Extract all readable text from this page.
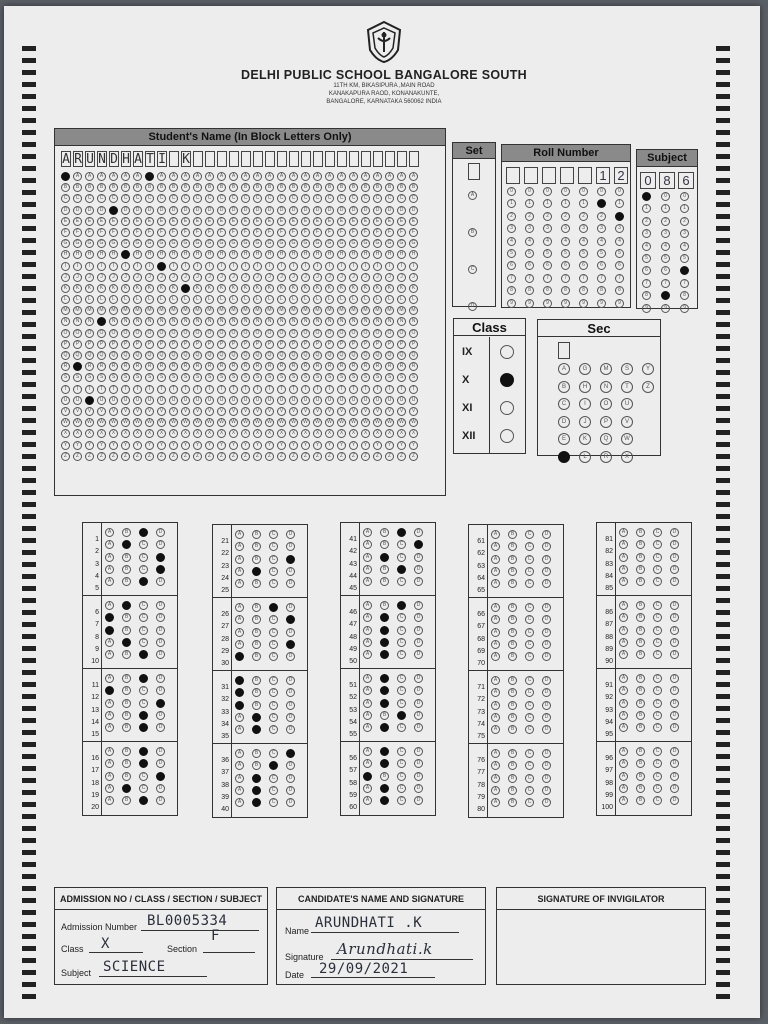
DELHI PUBLIC SCHOOL BANGALORE SOUTH
11TH KM, BIKASIPURA ,MAIN ROAD
KANAKAPURA RAOD, KONANAKUNTE,
BANGALORE, KARNATAKA 560062 INDIA
Student's Name (In Block Letters Only)
A R U N D H A T I K
A A A A A A A A A A A A A A A A A A A A A A A A A A A A A A
B B B B B B B B B B B B B B B B B B B B B B B B B B B B B B
C C C C C C C C C C C C C C C C C C C C C C C C C C C C C C
D D D D D D D D D D D D D D D D D D D D D D D D D D D D D D
E E E E E E E E E E E E E E E E E E E E E E E E E E E E E E
F F F F F F F F F F F F F F F F F F F F F F F F F F F F F F
G G G G G G G G G G G G G G G G G G G G G G G G G G G G G G
H H H H H H H H H H H H H H H H H H H H H H H H H H H H H H
I I I I I I I I I I I I I I I I I I I I I I I I I I I I I I
J J J J J J J J J J J J J J J J J J J J J J J J J J J J J J
K K K K K K K K K K K K K K K K K K K K K K K K K K K K K K
L L L L L L L L L L L L L L L L L L L L L L L L L L L L L L
M M M M M M M M M M M M M M M M M M M M M M M M M M M M M M
N N N N N N N N N N N N N N N N N N N N N N N N N N N N N N
O O O O O O O O O O O O O O O O O O O O O O O O O O O O O O
P P P P P P P P P P P P P P P P P P P P P P P P P P P P P P
Q Q Q Q Q Q Q Q Q Q Q Q Q Q Q Q Q Q Q Q Q Q Q Q Q Q Q Q Q Q
R R R R R R R R R R R R R R R R R R R R R R R R R R R R R R
S S S S S S S S S S S S S S S S S S S S S S S S S S S S S S
T T T T T T T T T T T T T T T T T T T T T T T T T T T T T T
U U U U U U U U U U U U U U U U U U U U U U U U U U U U U U
V V V V V V V V V V V V V V V V V V V V V V V V V V V V V V
W W W W W W W W W W W W W W W W W W W W W W W W W W W W W W
X X X X X X X X X X X X X X X X X X X X X X X X X X X X X X
Y Y Y Y Y Y Y Y Y Y Y Y Y Y Y Y Y Y Y Y Y Y Y Y Y Y Y Y Y Y
Z Z Z Z Z Z Z Z Z Z Z Z Z Z Z Z Z Z Z Z Z Z Z Z Z Z Z Z Z Z
Set
A
B
C
D
Roll Number
1 2
0	0	0	0	0	0	0
1	1	1	1	1	1	1
2	2	2	2	2	2	2
3	3	3	3	3	3	3
4	4	4	4	4	4	4
5	5	5	5	5	5	5
6	6	6	6	6	6	6
7	7	7	7	7	7	7
8	8	8	8	8	8	8
9	9	9	9	9	9	9
Subject
0 8 6
0	0	0
1	1	1
2	2	2
3	3	3
4	4	4
5	5	5
6	6	6
7	7	7
8	8	8
9	9	9
Class
IX
X
XI
XII
Sec
A	G	M	S	Y
B	H	N	T	Z
C	I	O	U
D	J	P	V
E	K	Q	W
F	L	R	X
1A	B	C	D
2A	B	C	D
3A	B	C	D
4A	B	C	D
5A	B	C	D
6A	B	C	D
7A	B	C	D
8A	B	C	D
9A	B	C	D
10A	B	C	D
11A	B	C	D
12A	B	C	D
13A	B	C	D
14A	B	C	D
15A	B	C	D
16A	B	C	D
17A	B	C	D
18A	B	C	D
19A	B	C	D
20A	B	C	D
21A	B	C	D
22A	B	C	D
23A	B	C	D
24A	B	C	D
25A	B	C	D
26A	B	C	D
27A	B	C	D
28A	B	C	D
29A	B	C	D
30A	B	C	D
31A	B	C	D
32A	B	C	D
33A	B	C	D
34A	B	C	D
35A	B	C	D
36A	B	C	D
37A	B	C	D
38A	B	C	D
39A	B	C	D
40A	B	C	D
41A	B	C	D
42A	B	C	D
43A	B	C	D
44A	B	C	D
45A	B	C	D
46A	B	C	D
47A	B	C	D
48A	B	C	D
49A	B	C	D
50A	B	C	D
51A	B	C	D
52A	B	C	D
53A	B	C	D
54A	B	C	D
55A	B	C	D
56A	B	C	D
57A	B	C	D
58A	B	C	D
59A	B	C	D
60A	B	C	D
61A	B	C	D
62A	B	C	D
63A	B	C	D
64A	B	C	D
65A	B	C	D
66A	B	C	D
67A	B	C	D
68A	B	C	D
69A	B	C	D
70A	B	C	D
71A	B	C	D
72A	B	C	D
73A	B	C	D
74A	B	C	D
75A	B	C	D
76A	B	C	D
77A	B	C	D
78A	B	C	D
79A	B	C	D
80A	B	C	D
81A	B	C	D
82A	B	C	D
83A	B	C	D
84A	B	C	D
85A	B	C	D
86A	B	C	D
87A	B	C	D
88A	B	C	D
89A	B	C	D
90A	B	C	D
91A	B	C	D
92A	B	C	D
93A	B	C	D
94A	B	C	D
95A	B	C	D
96A	B	C	D
97A	B	C	D
98A	B	C	D
99A	B	C	D
100A	B	C	D
ADMISSION NO / CLASS / SECTION / SUBJECT
Admission Number BL0005334
Class X	Section
F
Subject SCIENCE
CANDIDATE'S NAME AND SIGNATURE
Name ARUNDHATI .K
Signature Arundhati.k
Date 29/09/2021
SIGNATURE OF INVIGILATOR
